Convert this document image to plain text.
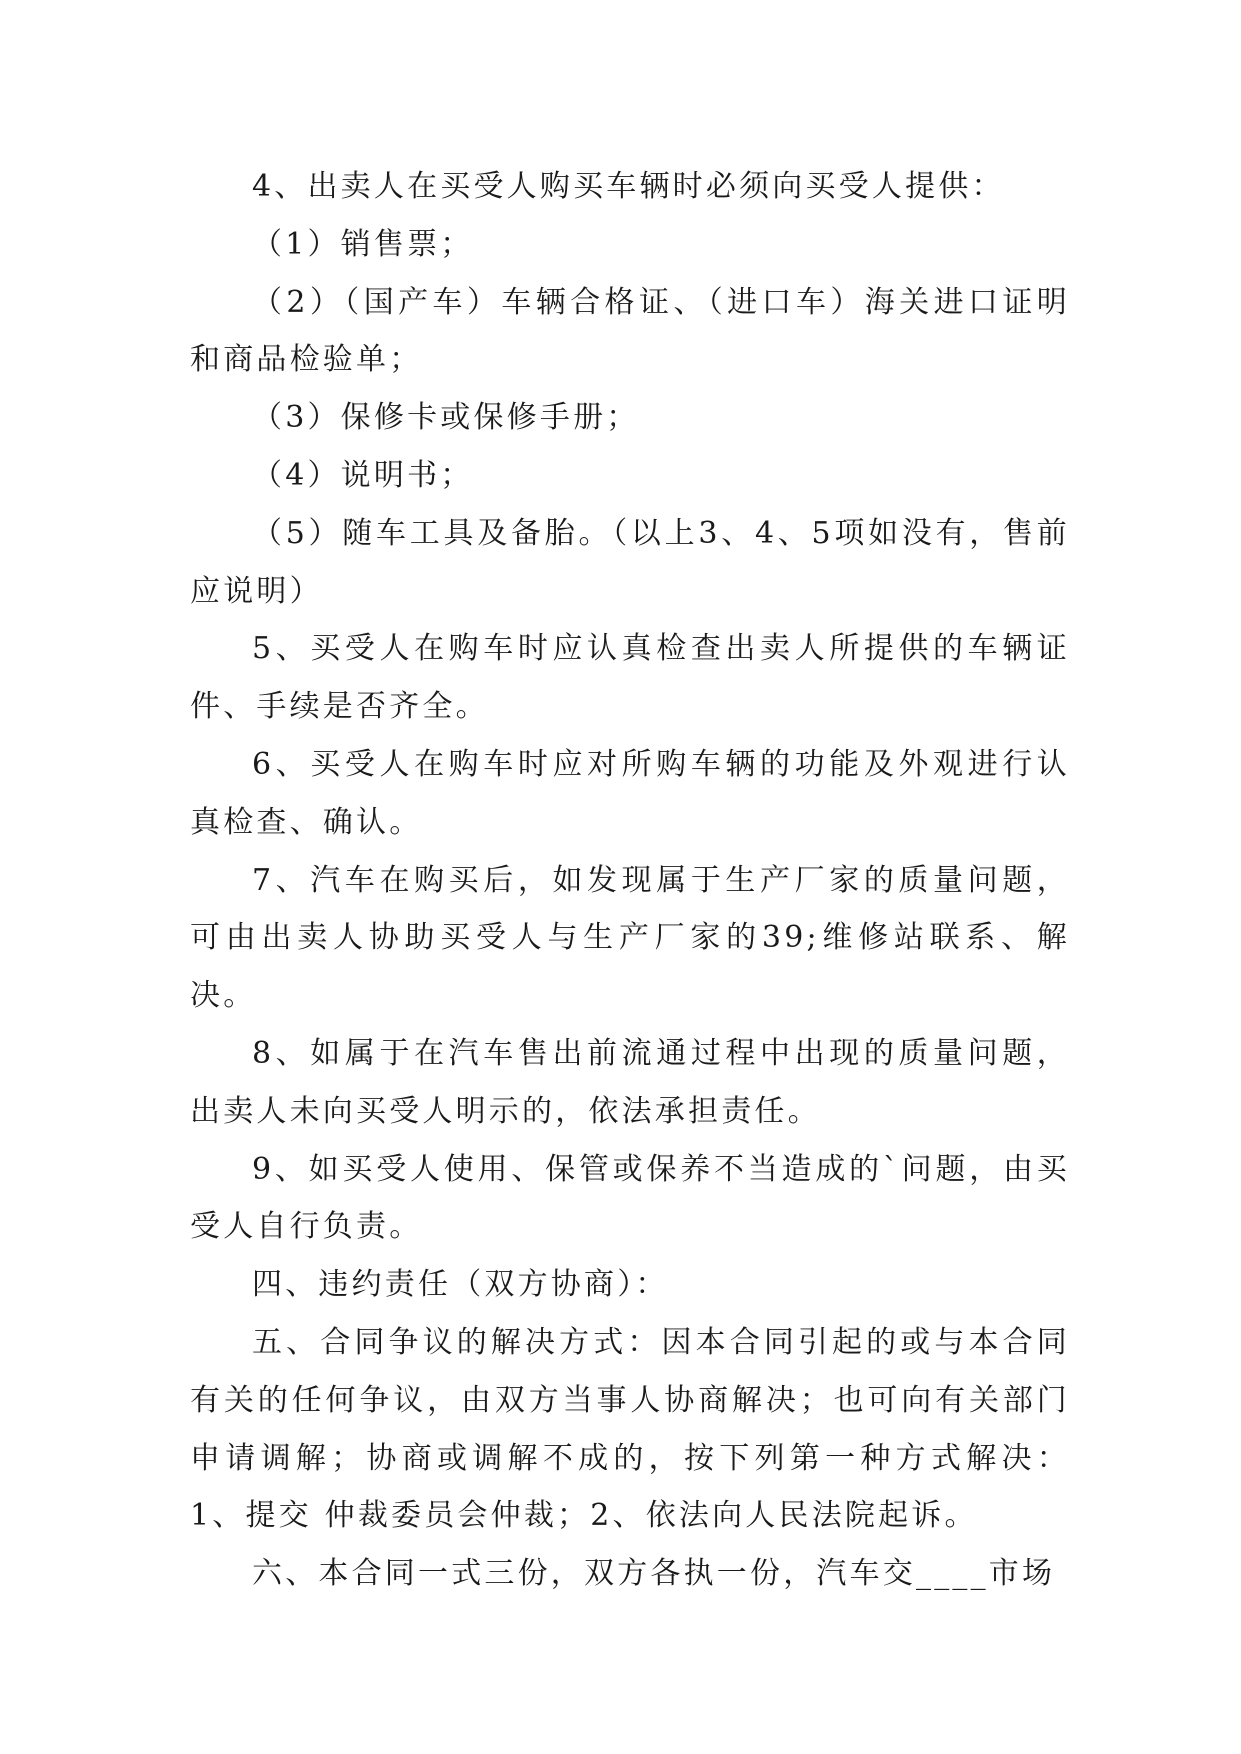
4、出卖人在买受人购买车辆时必须向买受人提供：

（1）销售票；

（2）（国产车）车辆合格证、（进口车）海关进口证明和商品检验单；

（3）保修卡或保修手册；

（4）说明书；

（5）随车工具及备胎。（以上3、4、5项如没有，售前应说明）

5、买受人在购车时应认真检查出卖人所提供的车辆证件、手续是否齐全。

6、买受人在购车时应对所购车辆的功能及外观进行认真检查、确认。

7、汽车在购买后，如发现属于生产厂家的质量问题，可由出卖人协助买受人与生产厂家的39;维修站联系、解决。

8、如属于在汽车售出前流通过程中出现的质量问题，出卖人未向买受人明示的，依法承担责任。

9、如买受人使用、保管或保养不当造成的`问题，由买受人自行负责。

四、违约责任（双方协商）：

五、合同争议的解决方式：因本合同引起的或与本合同有关的任何争议，由双方当事人协商解决；也可向有关部门申请调解；协商或调解不成的，按下列第一种方式解决：1、提交 仲裁委员会仲裁；2、依法向人民法院起诉。

六、本合同一式三份，双方各执一份，汽车交____市场
